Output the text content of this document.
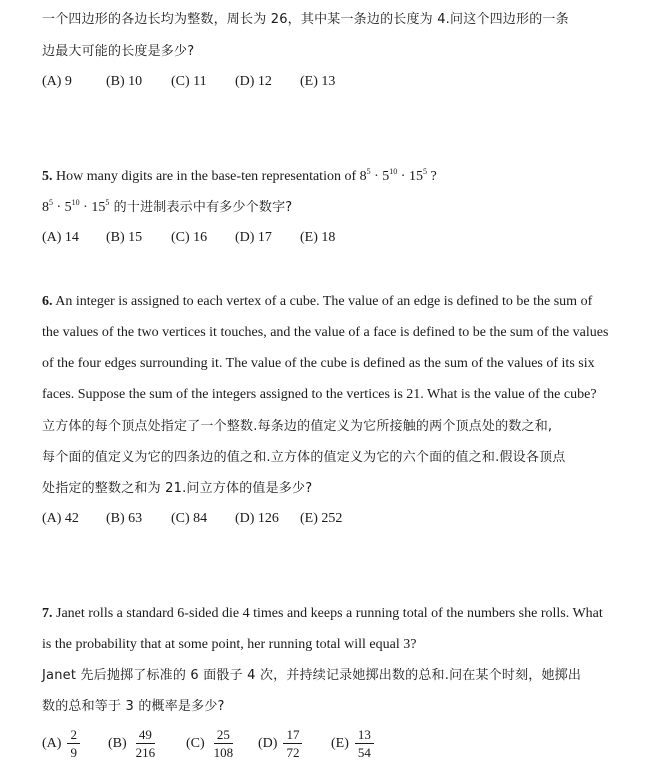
一个四边形的各边长均为整数，周长为 26，其中某一条边的长度为 4.问这个四边形的一条
边最大可能的长度是多少?
(A) 9 (B) 10 (C) 11 (D) 12 (E) 13
5. How many digits are in the base-ten representation of $8^5 \cdot 5^{10} \cdot 15^5$ ?
$8^5 \cdot 5^{10} \cdot 15^5$ 的十进制表示中有多少个数字?
(A) 14 (B) 15 (C) 16 (D) 17 (E) 18
6. An integer is assigned to each vertex of a cube. The value of an edge is defined to be the sum of
the values of the two vertices it touches, and the value of a face is defined to be the sum of the values
of the four edges surrounding it. The value of the cube is defined as the sum of the values of its six
faces. Suppose the sum of the integers assigned to the vertices is 21. What is the value of the cube?
立方体的每个顶点处指定了一个整数.每条边的值定义为它所接触的两个顶点处的数之和,
每个面的值定义为它的四条边的值之和.立方体的值定义为它的六个面的值之和.假设各顶点
处指定的整数之和为 21.问立方体的值是多少?
(A) 42 (B) 63 (C) 84 (D) 126 (E) 252
7. Janet rolls a standard 6-sided die 4 times and keeps a running total of the numbers she rolls. What
is the probability that at some point, her running total will equal 3?
Janet 先后抛掷了标准的 6 面骰子 4 次，并持续记录她掷出数的总和.问在某个时刻，她掷出
数的总和等于 3 的概率是多少?
$(A) \frac{2}{9} (B) \frac{49}{216} (C) \frac{25}{108} (D) \frac{17}{72} (E) \frac{13}{54}$
